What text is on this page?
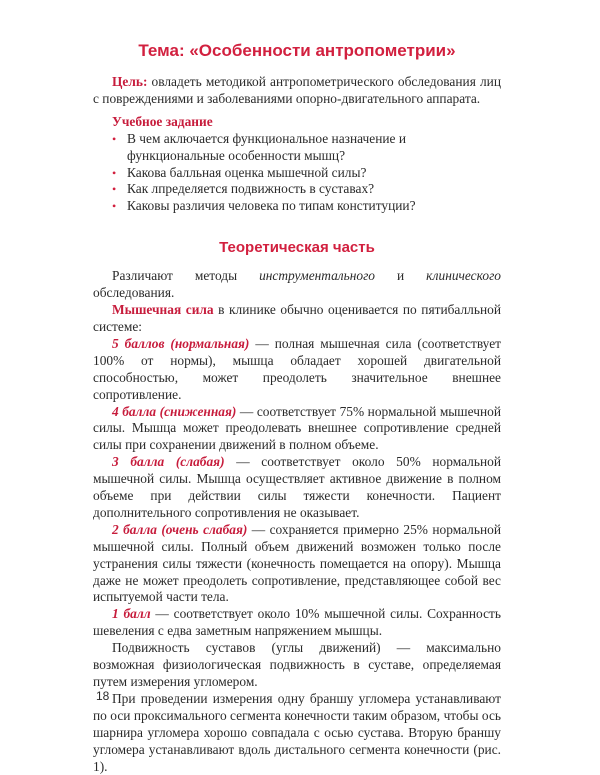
Тема: «Особенности антропометрии»

Цель: овладеть методикой антропометрического обследования лиц с повреждениями и заболеваниями опорно-двигательного аппарата.

Учебное задание
• В чем аключается функциональное назначение и функциональные особенности мышц?
• Какова балльная оценка мышечной силы?
• Как лпределяется подвижность в суставах?
• Каковы различия человека по типам конституции?
Теоретическая часть

Различают методы инструментального и клинического обследования.

Мышечная сила в клинике обычно оценивается по пятибалльной системе:

5 баллов (нормальная) — полная мышечная сила (соответствует 100% от нормы), мышца обладает хорошей двигательной способностью, может преодолеть значительное внешнее сопротивление.

4 балла (сниженная) — соответствует 75% нормальной мышечной силы. Мышца может преодолевать внешнее сопротивление средней силы при сохранении движений в полном объеме.

3 балла (слабая) — соответствует около 50% нормальной мышечной силы. Мышца осуществляет активное движение в полном объеме при действии силы тяжести конечности. Пациент дополнительного сопротивления не оказывает.

2 балла (очень слабая) — сохраняется примерно 25% нормальной мышечной силы. Полный объем движений возможен только после устранения силы тяжести (конечность помещается на опору). Мышца даже не может преодолеть сопротивление, представляющее собой вес испытуемой части тела.

1 балл — соответствует около 10% мышечной силы. Сохранность шевеления с едва заметным напряжением мышцы.

Подвижность суставов (углы движений) — максимально возможная физиологическая подвижность в суставе, определяемая путем измерения угломером.

При проведении измерения одну браншу угломера устанавливают по оси проксимального сегмента конечности таким образом, чтобы ось шарнира угломера хорошо совпадала с осью сустава. Вторую браншу угломера устанавливают вдоль дистального сегмента конечности (рис. 1).

18
